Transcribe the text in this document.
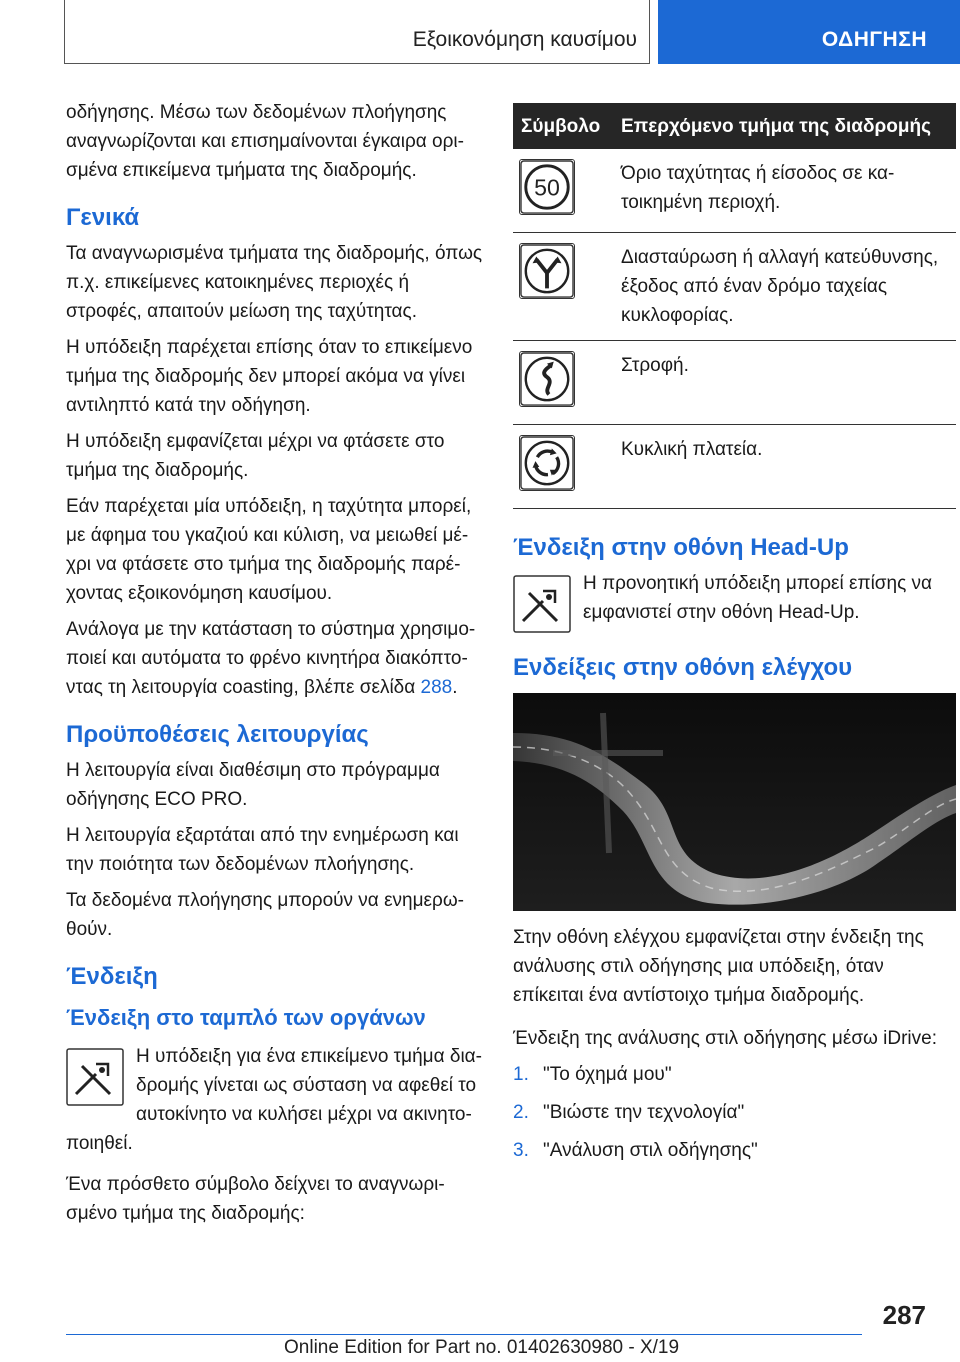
Εξοικονόμηση καυσίμου	ΟΔΗΓΗΣΗ

οδήγησης. Μέσω των δεδομένων πλοήγησης αναγνωρίζονται και επισημαίνονται έγκαιρα ορισμένα επικείμενα τμήματα της διαδρομής.

Γενικά

Τα αναγνωρισμένα τμήματα της διαδρομής, όπως π.χ. επικείμενες κατοικημένες περιοχές ή στροφές, απαιτούν μείωση της ταχύτητας.

Η υπόδειξη παρέχεται επίσης όταν το επικείμενο τμήμα της διαδρομής δεν μπορεί ακόμα να γίνει αντιληπτό κατά την οδήγηση.

Η υπόδειξη εμφανίζεται μέχρι να φτάσετε στο τμήμα της διαδρομής.

Εάν παρέχεται μία υπόδειξη, η ταχύτητα μπορεί, με άφημα του γκαζιού και κύλιση, να μειωθεί μέχρι να φτάσετε στο τμήμα της διαδρομής παρέχοντας εξοικονόμηση καυσίμου.

Ανάλογα με την κατάσταση το σύστημα χρησιμοποιεί και αυτόματα το φρένο κινητήρα διακόπτοντας τη λειτουργία coasting, βλέπε σελίδα 288.

Προϋποθέσεις λειτουργίας

Η λειτουργία είναι διαθέσιμη στο πρόγραμμα οδήγησης ECO PRO.

Η λειτουργία εξαρτάται από την ενημέρωση και την ποιότητα των δεδομένων πλοήγησης.

Τα δεδομένα πλοήγησης μπορούν να ενημερωθούν.

Ένδειξη
Ένδειξη στο ταμπλό των οργάνων
Η υπόδειξη για ένα επικείμενο τμήμα διαδρομής γίνεται ως σύσταση να αφεθεί το αυτοκίνητο να κυλήσει μέχρι να ακινητοποιηθεί.

Ένα πρόσθετο σύμβολο δείχνει το αναγνωρισμένο τμήμα της διαδρομής:

Σύμβολο	Επερχόμενο τμήμα της διαδρομής

50	Όριο ταχύτητας ή είσοδος σε κατοικημένη περιοχή.
	Διασταύρωση ή αλλαγή κατεύθυνσης, έξοδος από έναν δρόμο ταχείας κυκλοφορίας.
	Στροφή.
	Κυκλική πλατεία.
Ένδειξη στην οθόνη Head-Up
Η προνοητική υπόδειξη μπορεί επίσης να εμφανιστεί στην οθόνη Head-Up.
Ενδείξεις στην οθόνη ελέγχου

Στην οθόνη ελέγχου εμφανίζεται στην ένδειξη της ανάλυσης στιλ οδήγησης μια υπόδειξη, όταν επίκειται ένα αντίστοιχο τμήμα διαδρομής.

Ένδειξη της ανάλυσης στιλ οδήγησης μέσω iDrive:

1. "Το όχημά μου"
2. "Βιώστε την τεχνολογία"
3. "Ανάλυση στιλ οδήγησης"
287
Online Edition for Part no. 01402630980 - X/19
